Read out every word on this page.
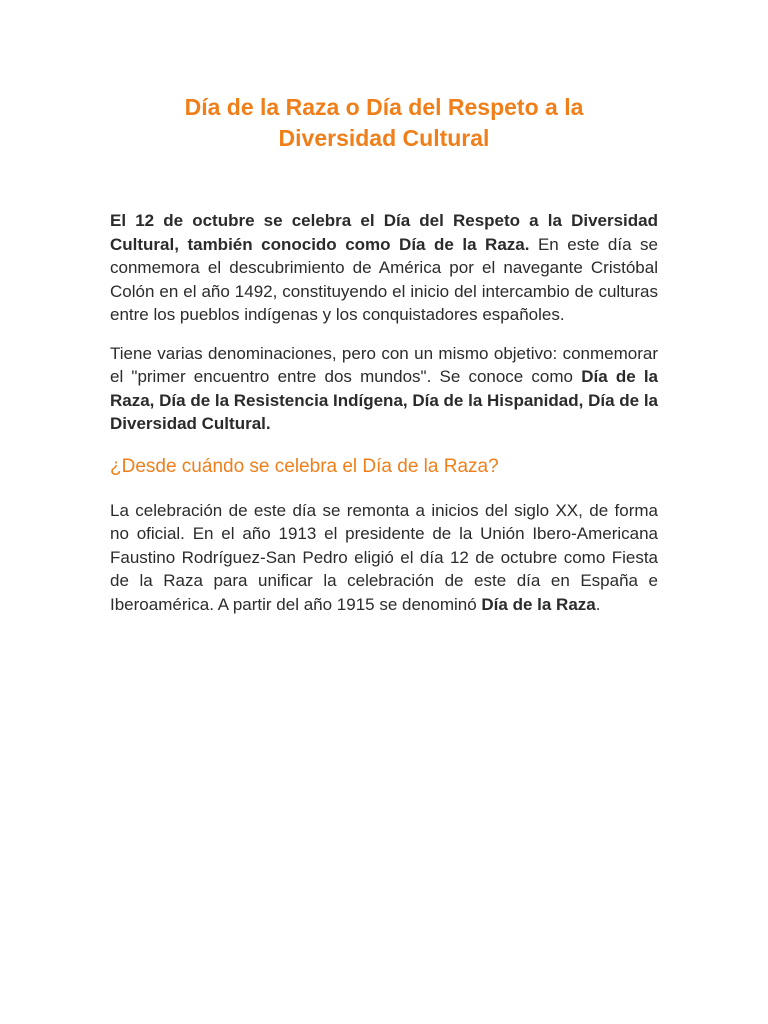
Día de la Raza o Día del Respeto a la
Diversidad Cultural

El 12 de octubre se celebra el Día del Respeto a la Diversidad Cultural, también conocido como Día de la Raza. En este día se conmemora el descubrimiento de América por el navegante Cristóbal Colón en el año 1492, constituyendo el inicio del intercambio de culturas entre los pueblos indígenas y los conquistadores españoles.

Tiene varias denominaciones, pero con un mismo objetivo: conmemorar el "primer encuentro entre dos mundos". Se conoce como Día de la Raza, Día de la Resistencia Indígena, Día de la Hispanidad, Día de la Diversidad Cultural.

¿Desde cuándo se celebra el Día de la Raza?

La celebración de este día se remonta a inicios del siglo XX, de forma no oficial. En el año 1913 el presidente de la Unión Ibero-Americana Faustino Rodríguez-San Pedro eligió el día 12 de octubre como Fiesta de la Raza para unificar la celebración de este día en España e Iberoamérica. A partir del año 1915 se denominó Día de la Raza.
